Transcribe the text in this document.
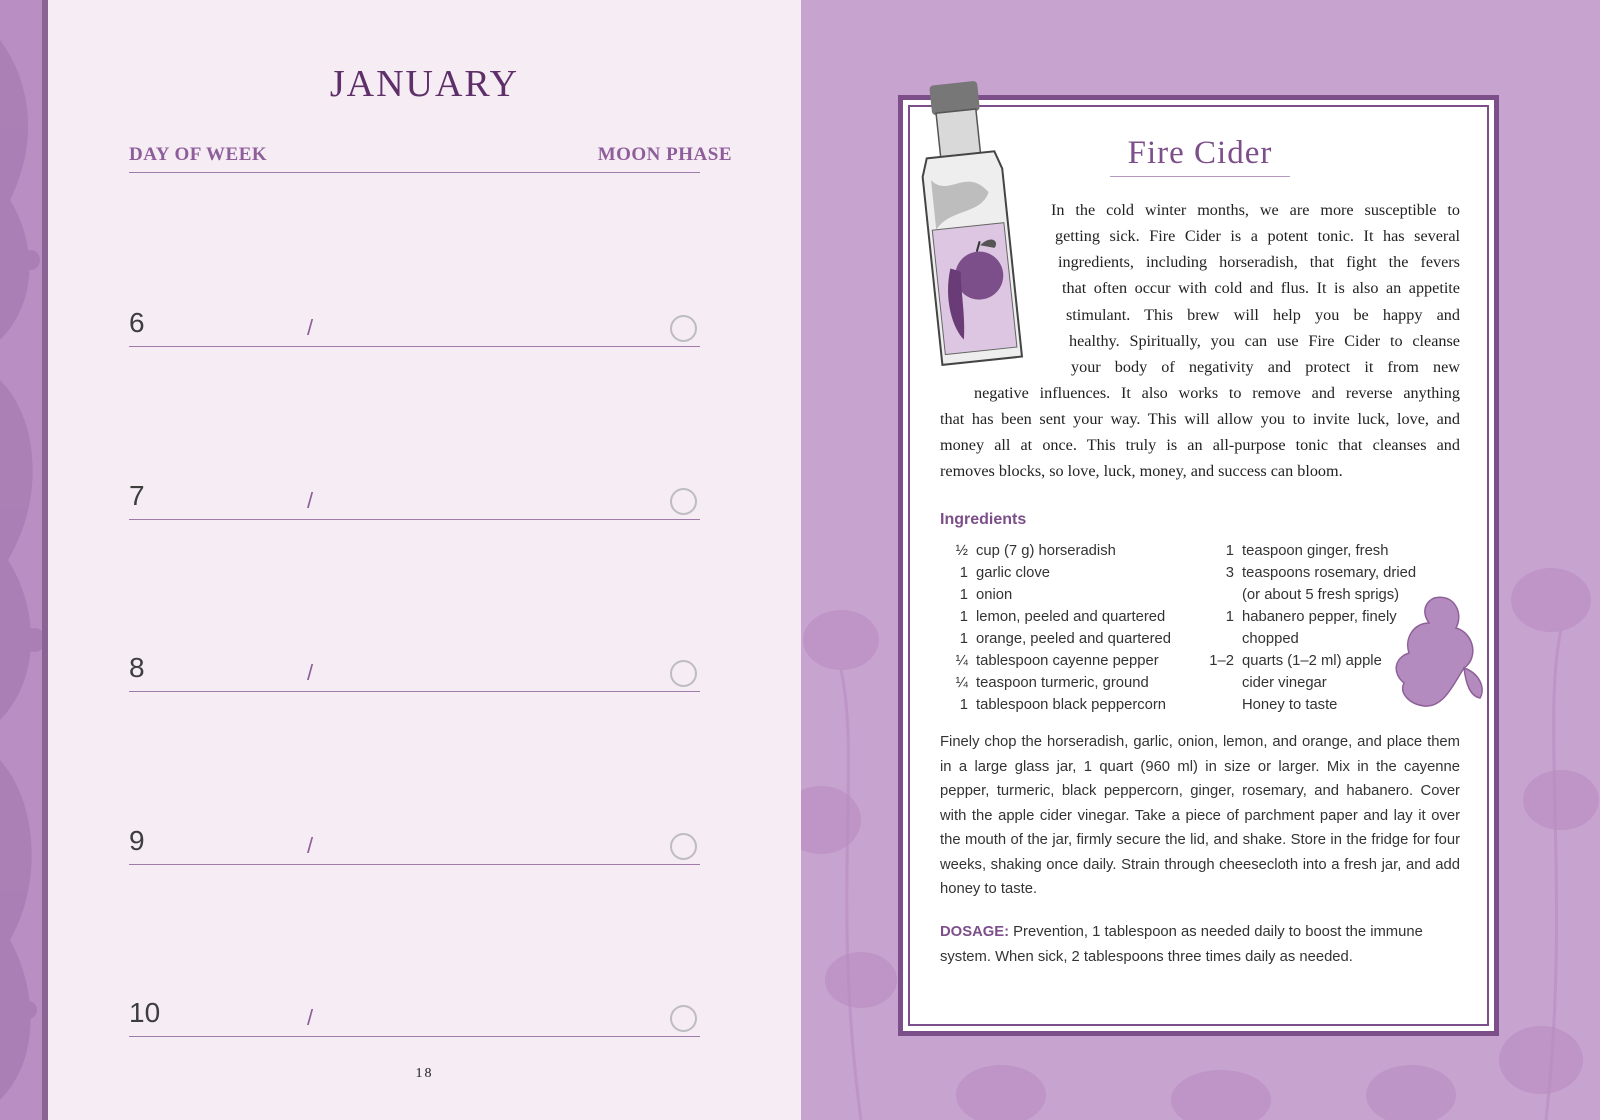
JANUARY
DAY OF WEEK	MOON PHASE
6	/
7	/
8	/
9	/
10	/
18
Fire Cider
In the cold winter months, we are more susceptible to
getting sick. Fire Cider is a potent tonic. It has several
ingredients, including horseradish, that fight the fevers
that often occur with cold and flus. It is also an appetite
stimulant. This brew will help you be happy and
healthy. Spiritually, you can use Fire Cider to cleanse
your body of negativity and protect it from new
negative influences. It also works to remove and reverse anything
that has been sent your way. This will allow you to invite luck, love, and
money all at once. This truly is an all-purpose tonic that cleanses and
removes blocks, so love, luck, money, and success can bloom.
Ingredients
½ cup (7 g) horseradish
1 garlic clove
1 onion
1 lemon, peeled and quartered
1 orange, peeled and quartered
¼ tablespoon cayenne pepper
¼ teaspoon turmeric, ground
1 tablespoon black peppercorn
1 teaspoon ginger, fresh
3 teaspoons rosemary, dried
(or about 5 fresh sprigs)
1 habanero pepper, finely
chopped
1–2 quarts (1–2 ml) apple
cider vinegar
Honey to taste
Finely chop the horseradish, garlic, onion, lemon, and orange, and place them in a large glass jar, 1 quart (960 ml) in size or larger. Mix in the cayenne pepper, turmeric, black peppercorn, ginger, rosemary, and habanero. Cover with the apple cider vinegar. Take a piece of parchment paper and lay it over the mouth of the jar, firmly secure the lid, and shake. Store in the fridge for four weeks, shaking once daily. Strain through cheesecloth into a fresh jar, and add honey to taste.
DOSAGE: Prevention, 1 tablespoon as needed daily to boost the immune system. When sick, 2 tablespoons three times daily as needed.
